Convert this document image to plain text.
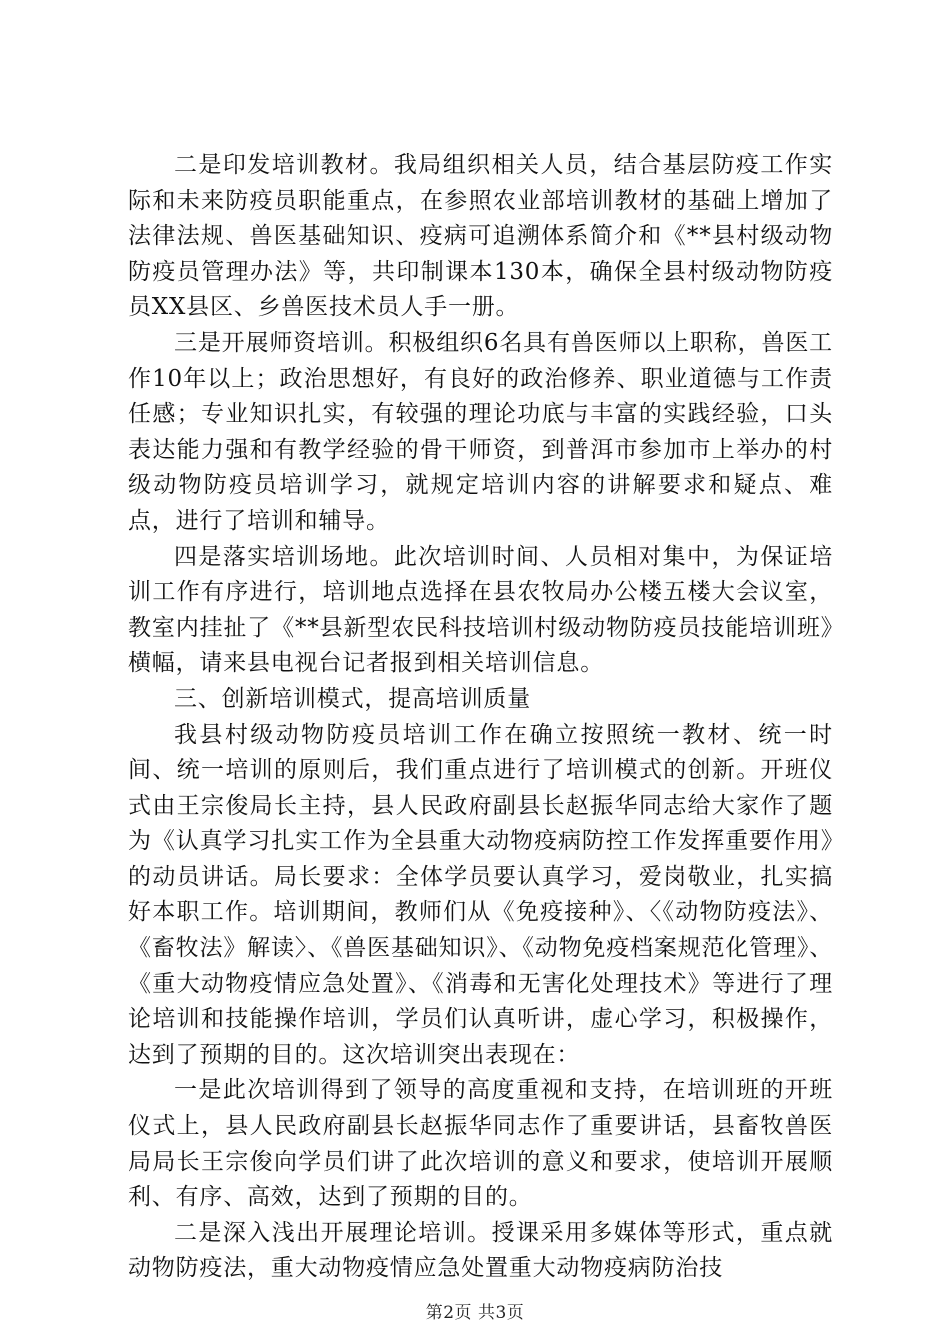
二是印发培训教材。我局组织相关人员，结合基层防疫工作实际和未来防疫员职能重点，在参照农业部培训教材的基础上增加了法律法规、兽医基础知识、疫病可追溯体系简介和《**县村级动物防疫员管理办法》等，共印制课本130本，确保全县村级动物防疫员XX县区、乡兽医技术员人手一册。

三是开展师资培训。积极组织6名具有兽医师以上职称，兽医工作10年以上；政治思想好，有良好的政治修养、职业道德与工作责任感；专业知识扎实，有较强的理论功底与丰富的实践经验，口头表达能力强和有教学经验的骨干师资，到普洱市参加市上举办的村级动物防疫员培训学习，就规定培训内容的讲解要求和疑点、难点，进行了培训和辅导。

四是落实培训场地。此次培训时间、人员相对集中，为保证培训工作有序进行，培训地点选择在县农牧局办公楼五楼大会议室，教室内挂扯了《**县新型农民科技培训村级动物防疫员技能培训班》横幅，请来县电视台记者报到相关培训信息。

三、创新培训模式，提高培训质量

我县村级动物防疫员培训工作在确立按照统一教材、统一时间、统一培训的原则后，我们重点进行了培训模式的创新。开班仪式由王宗俊局长主持，县人民政府副县长赵振华同志给大家作了题为《认真学习扎实工作为全县重大动物疫病防控工作发挥重要作用》的动员讲话。局长要求：全体学员要认真学习，爱岗敬业，扎实搞好本职工作。培训期间，教师们从《免疫接种》、〈《动物防疫法》、《畜牧法》解读〉、《兽医基础知识》、《动物免疫档案规范化管理》、《重大动物疫情应急处置》、《消毒和无害化处理技术》等进行了理论培训和技能操作培训，学员们认真听讲，虚心学习，积极操作，达到了预期的目的。这次培训突出表现在：

一是此次培训得到了领导的高度重视和支持，在培训班的开班仪式上，县人民政府副县长赵振华同志作了重要讲话，县畜牧兽医局局长王宗俊向学员们讲了此次培训的意义和要求，使培训开展顺利、有序、高效，达到了预期的目的。

二是深入浅出开展理论培训。授课采用多媒体等形式，重点就动物防疫法，重大动物疫情应急处置重大动物疫病防治技

第2页 共3页
